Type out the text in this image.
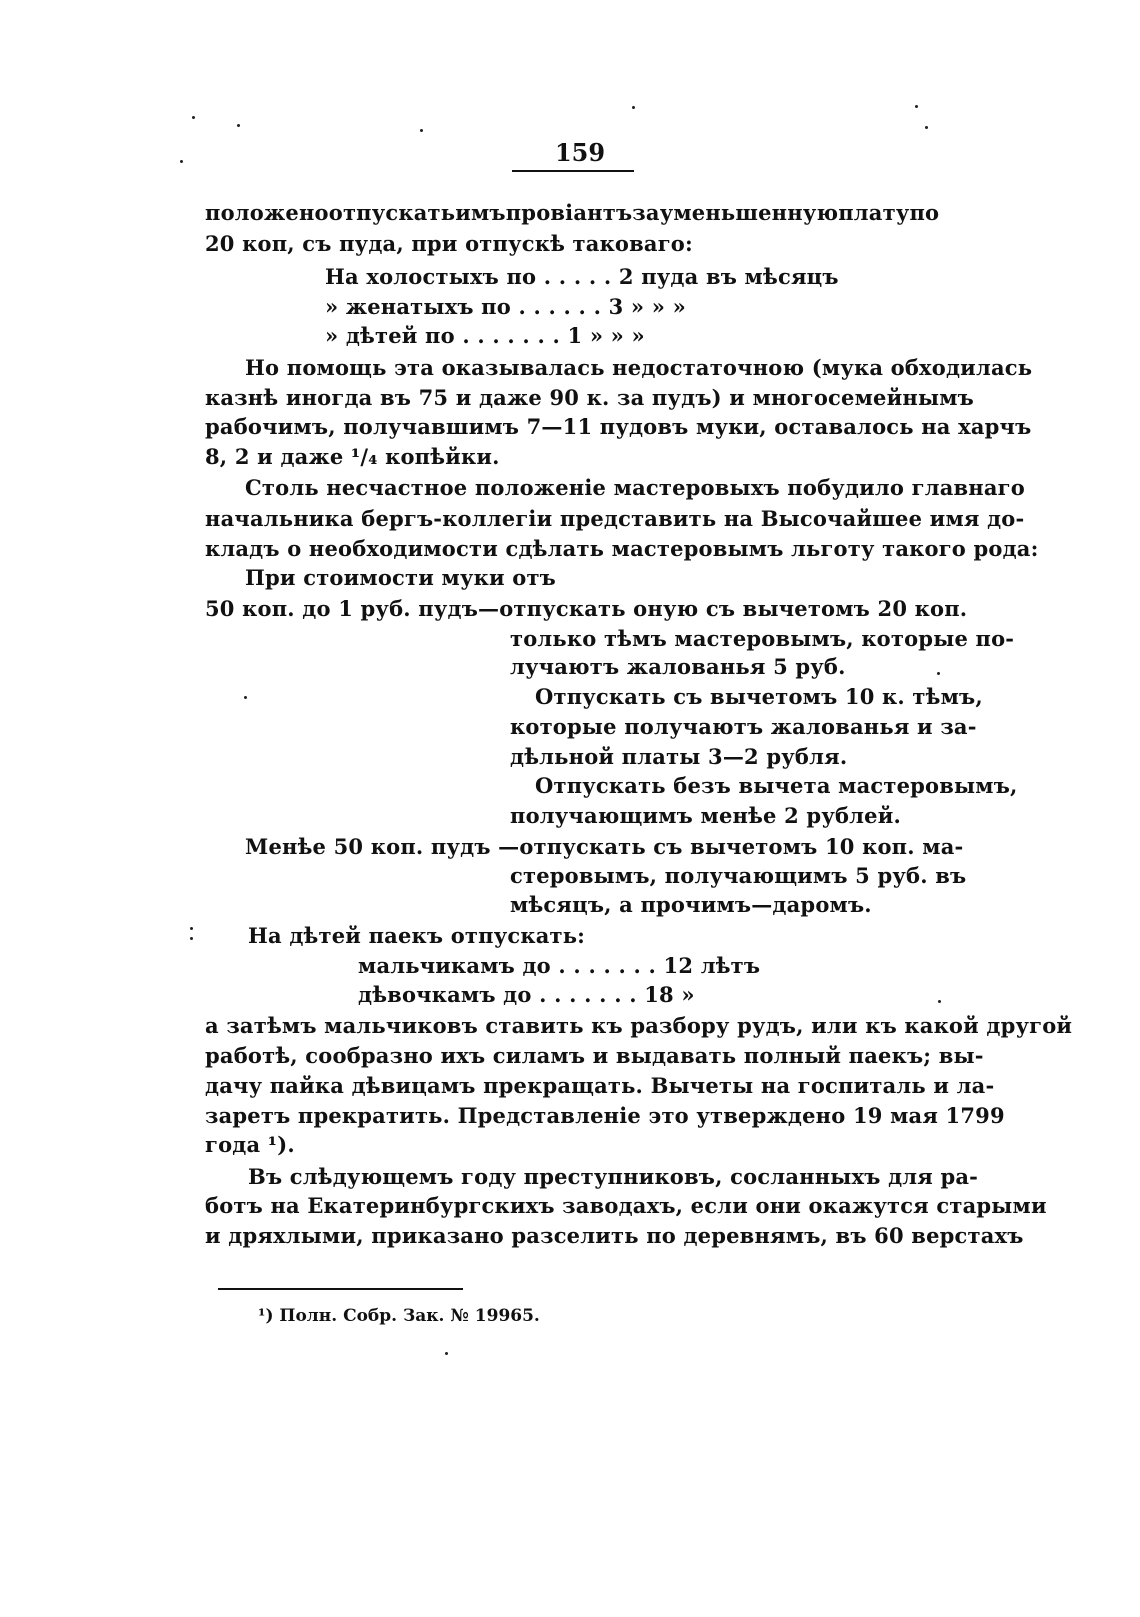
159
положено отпускать имъ провіантъ за уменьшенную плату по
20 коп, съ пуда, при отпускѣ таковаго:
На холостыхъ по . . . . . 2 пуда въ мѣсяцъ
» женатыхъ по . . . . . . 3 » » »
» дѣтей по . . . . . . . 1 » » »
Но помощь эта оказывалась недостаточною (мука обходилась
казнѣ иногда въ 75 и даже 90 к. за пудъ) и многосемейнымъ
рабочимъ, получавшимъ 7—11 пудовъ муки, оставалось на харчъ
8, 2 и даже ¹/₄ копѣйки.
Столь несчастное положеніе мастеровыхъ побудило главнаго
начальника бергъ-коллегіи представить на Высочайшее имя до-
кладъ о необходимости сдѣлать мастеровымъ льготу такого рода:
При стоимости муки отъ
50 коп. до 1 руб. пудъ—отпускать оную съ вычетомъ 20 коп.
только тѣмъ мастеровымъ, которые по-
лучаютъ жалованья 5 руб.
Отпускать съ вычетомъ 10 к. тѣмъ,
которые получаютъ жалованья и за-
дѣльной платы 3—2 рубля.
Отпускать безъ вычета мастеровымъ,
получающимъ менѣе 2 рублей.
Менѣе 50 коп. пудъ —отпускать съ вычетомъ 10 коп. ма-
стеровымъ, получающимъ 5 руб. въ
мѣсяцъ, а прочимъ—даромъ.
На дѣтей паекъ отпускать:
мальчикамъ до . . . . . . . 12 лѣтъ
дѣвочкамъ до . . . . . . . 18 »
а затѣмъ мальчиковъ ставить къ разбору рудъ, или къ какой другой
работѣ, сообразно ихъ силамъ и выдавать полный паекъ; вы-
дачу пайка дѣвицамъ прекращать. Вычеты на госпиталь и ла-
заретъ прекратить. Представленіе это утверждено 19 мая 1799
года ¹).
Въ слѣдующемъ году преступниковъ, сосланныхъ для ра-
ботъ на Екатеринбургскихъ заводахъ, если они окажутся старыми
и дряхлыми, приказано разселить по деревнямъ, въ 60 верстахъ
¹) Полн. Собр. Зак. № 19965.
